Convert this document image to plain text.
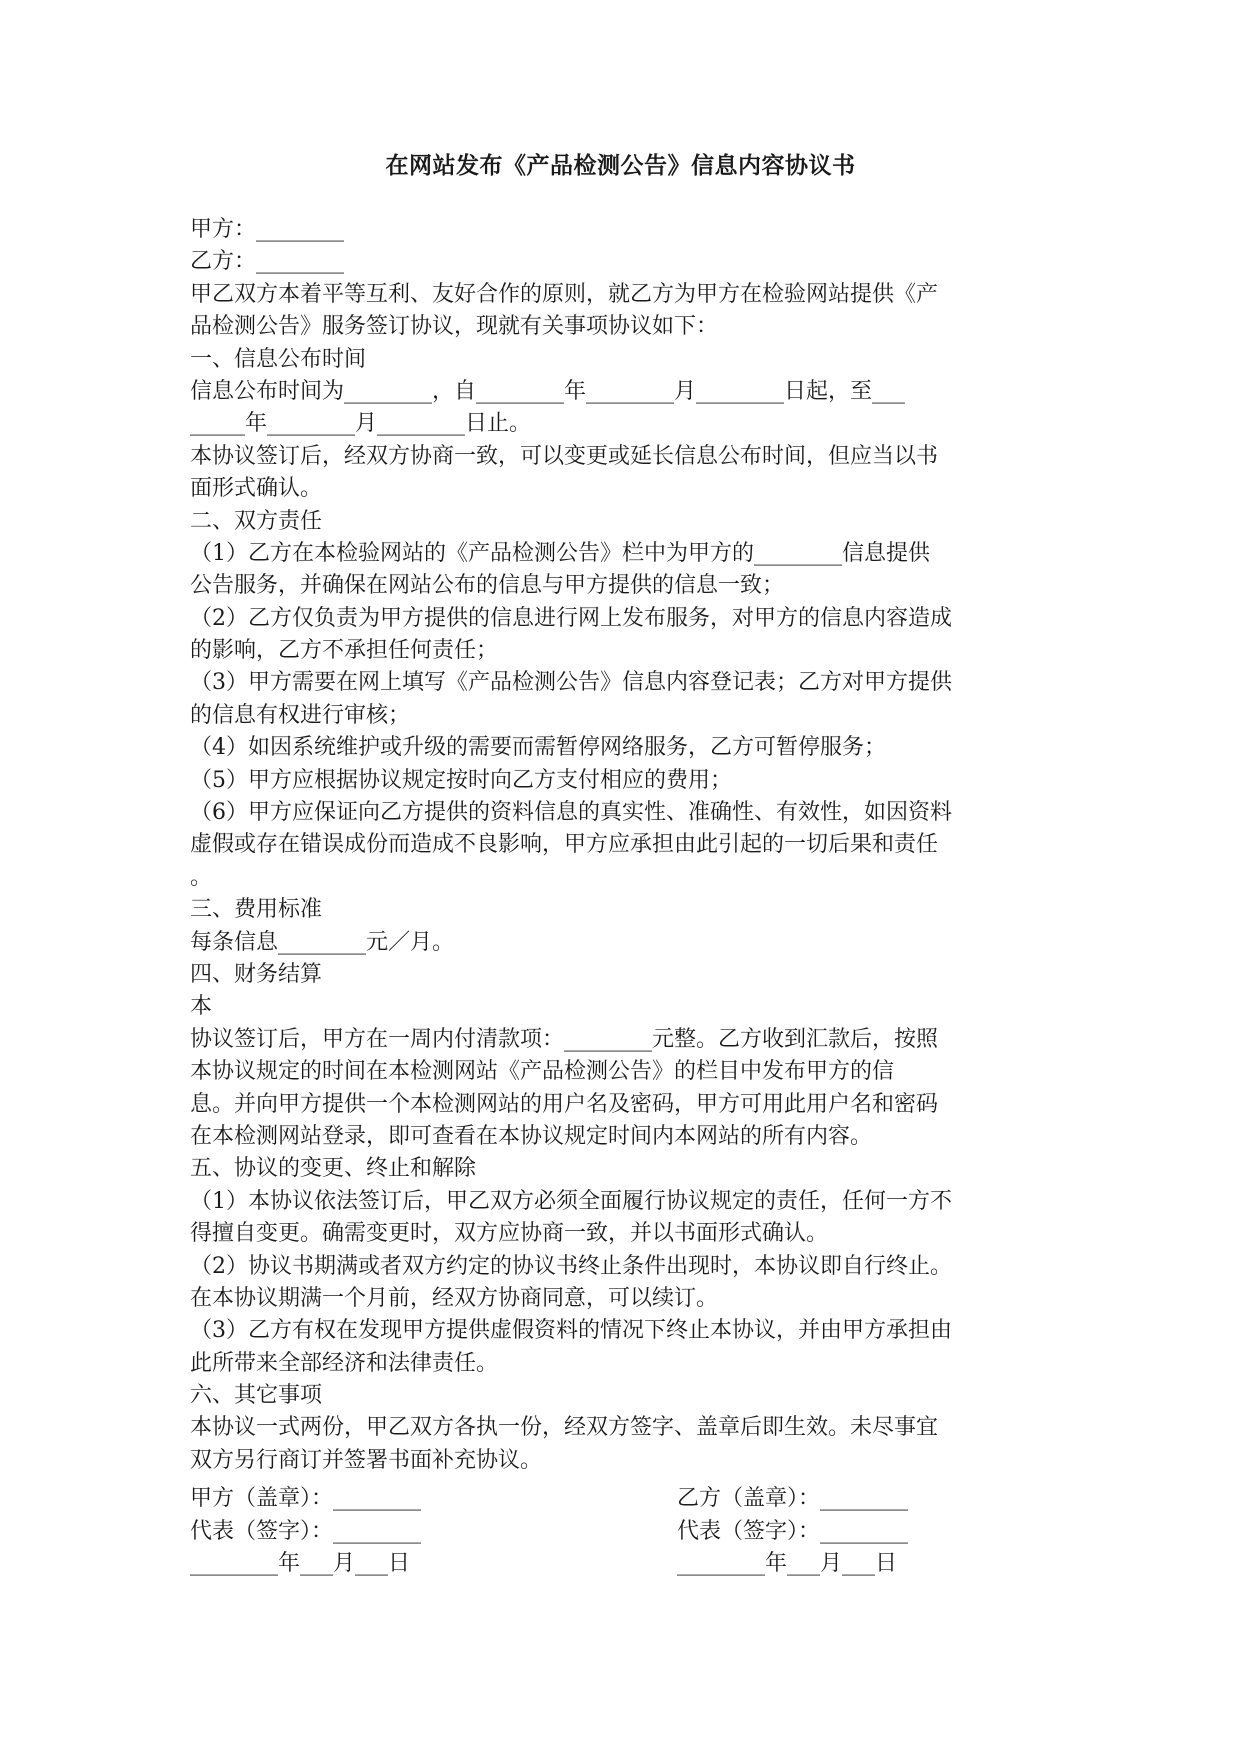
在网站发布《产品检测公告》信息内容协议书
甲方：________
乙方：________
甲乙双方本着平等互利、友好合作的原则，就乙方为甲方在检验网站提供《产
品检测公告》服务签订协议，现就有关事项协议如下：
一、信息公布时间
信息公布时间为________，自________年________月________日起，至___
_____年________月________日止。
本协议签订后，经双方协商一致，可以变更或延长信息公布时间，但应当以书
面形式确认。
二、双方责任
（1）乙方在本检验网站的《产品检测公告》栏中为甲方的________信息提供
公告服务，并确保在网站公布的信息与甲方提供的信息一致；
（2）乙方仅负责为甲方提供的信息进行网上发布服务，对甲方的信息内容造成
的影响，乙方不承担任何责任；
（3）甲方需要在网上填写《产品检测公告》信息内容登记表；乙方对甲方提供
的信息有权进行审核；
（4）如因系统维护或升级的需要而需暂停网络服务，乙方可暂停服务；
（5）甲方应根据协议规定按时向乙方支付相应的费用；
（6）甲方应保证向乙方提供的资料信息的真实性、准确性、有效性，如因资料
虚假或存在错误成份而造成不良影响，甲方应承担由此引起的一切后果和责任
。
三、费用标准
每条信息________元／月。
四、财务结算
本
协议签订后，甲方在一周内付清款项：________元整。乙方收到汇款后，按照
本协议规定的时间在本检测网站《产品检测公告》的栏目中发布甲方的信
息。并向甲方提供一个本检测网站的用户名及密码，甲方可用此用户名和密码
在本检测网站登录，即可查看在本协议规定时间内本网站的所有内容。
五、协议的变更、终止和解除
（1）本协议依法签订后，甲乙双方必须全面履行协议规定的责任，任何一方不
得擅自变更。确需变更时，双方应协商一致，并以书面形式确认。
（2）协议书期满或者双方约定的协议书终止条件出现时，本协议即自行终止。
在本协议期满一个月前，经双方协商同意，可以续订。
（3）乙方有权在发现甲方提供虚假资料的情况下终止本协议，并由甲方承担由
此所带来全部经济和法律责任。
六、其它事项
本协议一式两份，甲乙双方各执一份，经双方签字、盖章后即生效。未尽事宜
双方另行商订并签署书面补充协议。
甲方（盖章）：________
代表（签字）：________
________年___月___日
乙方（盖章）：________
代表（签字）：________
________年___月___日
